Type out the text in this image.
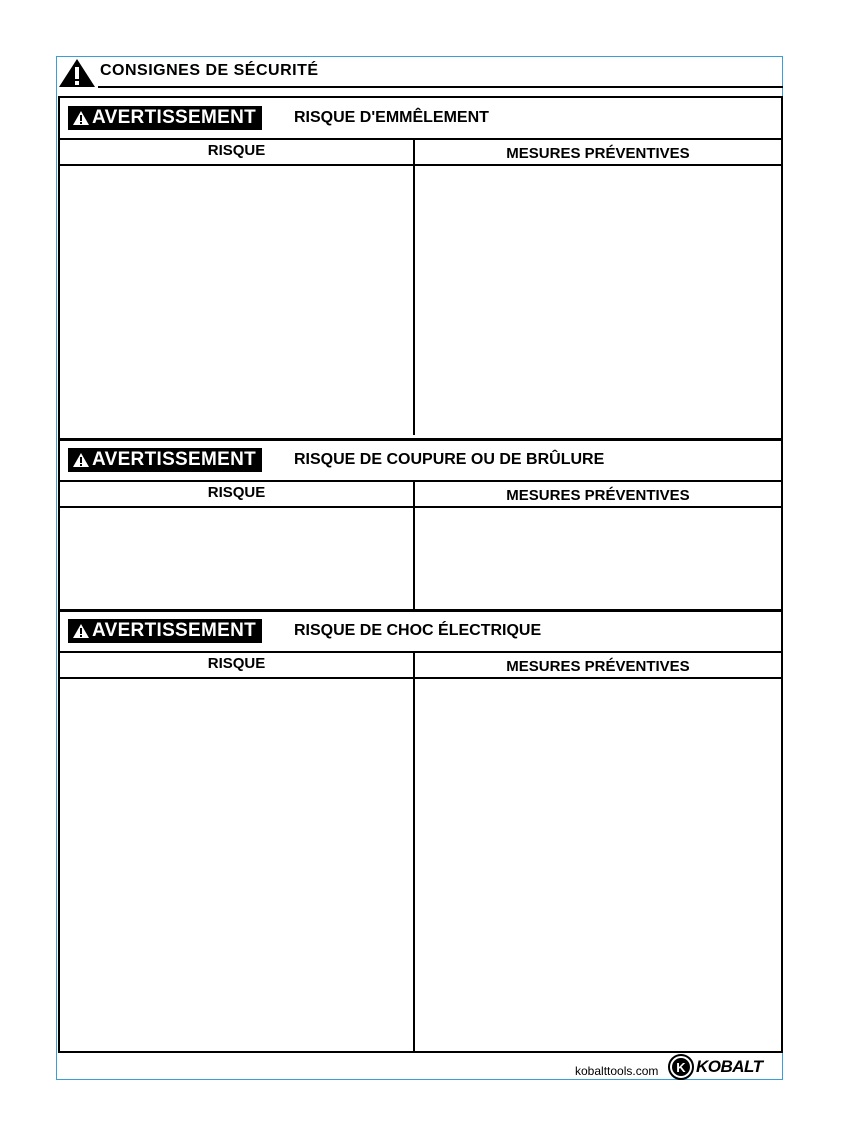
CONSIGNES DE SÉCURITÉ
AVERTISSEMENT RISQUE D'EMMÊLEMENT
RISQUE	MESURES PRÉVENTIVES
AVERTISSEMENT RISQUE DE COUPURE OU DE BRÛLURE
RISQUE	MESURES PRÉVENTIVES
AVERTISSEMENT RISQUE DE CHOC ÉLECTRIQUE
RISQUE	MESURES PRÉVENTIVES
kobalttools.com	K KOBALT
